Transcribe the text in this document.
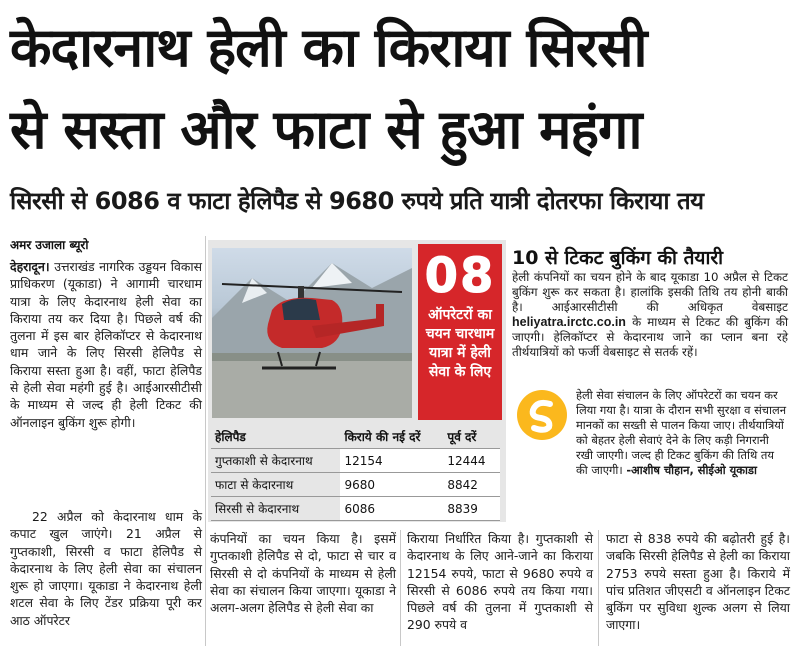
केदारनाथ हेली का किराया सिरसी
से सस्ता और फाटा से हुआ महंगा
सिरसी से 6086 व फाटा हेलिपैड से 9680 रुपये प्रति यात्री दोतरफा किराया तय
अमर उजाला ब्यूरो
देहरादून। उत्तराखंड नागरिक उड्डयन विकास प्राधिकरण (यूकाडा) ने आगामी चारधाम यात्रा के लिए केदारनाथ हेली सेवा का किराया तय कर दिया है। पिछले वर्ष की तुलना में इस बार हेलिकॉप्टर से केदारनाथ धाम जाने के लिए सिरसी हेलिपैड से किराया सस्ता हुआ है। वहीं, फाटा हेलिपैड से हेली सेवा महंगी हुई है। आईआरसीटीसी के माध्यम से जल्द ही हेली टिकट की ऑनलाइन बुकिंग शुरू होगी।
22 अप्रैल को केदारनाथ धाम के कपाट खुल जाएंगे। 21 अप्रैल से गुप्तकाशी, सिरसी व फाटा हेलिपैड से केदारनाथ के लिए हेली सेवा का संचालन शुरू हो जाएगा। यूकाडा ने केदारनाथ हेली शटल सेवा के लिए टेंडर प्रक्रिया पूरी कर आठ ऑपरेटर
08
ऑपरेटरों का चयन चारधाम यात्रा में हेली सेवा के लिए
हेलिपैड	किराये की नई दरें	पूर्व दरें
गुप्तकाशी से केदारनाथ	12154	12444
फाटा से केदारनाथ	9680	8842
सिरसी से केदारनाथ	6086	8839
10 से टिकट बुकिंग की तैयारी
हेली कंपनियों का चयन होने के बाद यूकाडा 10 अप्रैल से टिकट बुकिंग शुरू कर सकता है। हालांकि इसकी तिथि तय होनी बाकी है। आईआरसीटीसी की अधिकृत वेबसाइट heliyatra.irctc.co.in के माध्यम से टिकट की बुकिंग की जाएगी। हेलिकॉप्टर से केदारनाथ जाने का प्लान बना रहे तीर्थयात्रियों को फर्जी वेबसाइट से सतर्क रहें।
हेली सेवा संचालन के लिए ऑपरेटरों का चयन कर लिया गया है। यात्रा के दौरान सभी सुरक्षा व संचालन मानकों का सख्ती से पालन किया जाए। तीर्थयात्रियों को बेहतर हेली सेवाएं देने के लिए कड़ी निगरानी रखी जाएगी। जल्द ही टिकट बुकिंग की तिथि तय की जाएगी। -आशीष चौहान, सीईओ यूकाडा
कंपनियों का चयन किया है। इसमें गुप्तकाशी हेलिपैड से दो, फाटा से चार व सिरसी से दो कंपनियों के माध्यम से हेली सेवा का संचालन किया जाएगा। यूकाडा ने अलग-अलग हेलिपैड से हेली सेवा का
किराया निर्धारित किया है। गुप्तकाशी से केदारनाथ के लिए आने-जाने का किराया 12154 रुपये, फाटा से 9680 रुपये व सिरसी से 6086 रुपये तय किया गया। पिछले वर्ष की तुलना में गुप्तकाशी से 290 रुपये व
फाटा से 838 रुपये की बढ़ोतरी हुई है। जबकि सिरसी हेलिपैड से हेली का किराया 2753 रुपये सस्ता हुआ है। किराये में पांच प्रतिशत जीएसटी व ऑनलाइन टिकट बुकिंग पर सुविधा शुल्क अलग से लिया जाएगा।
